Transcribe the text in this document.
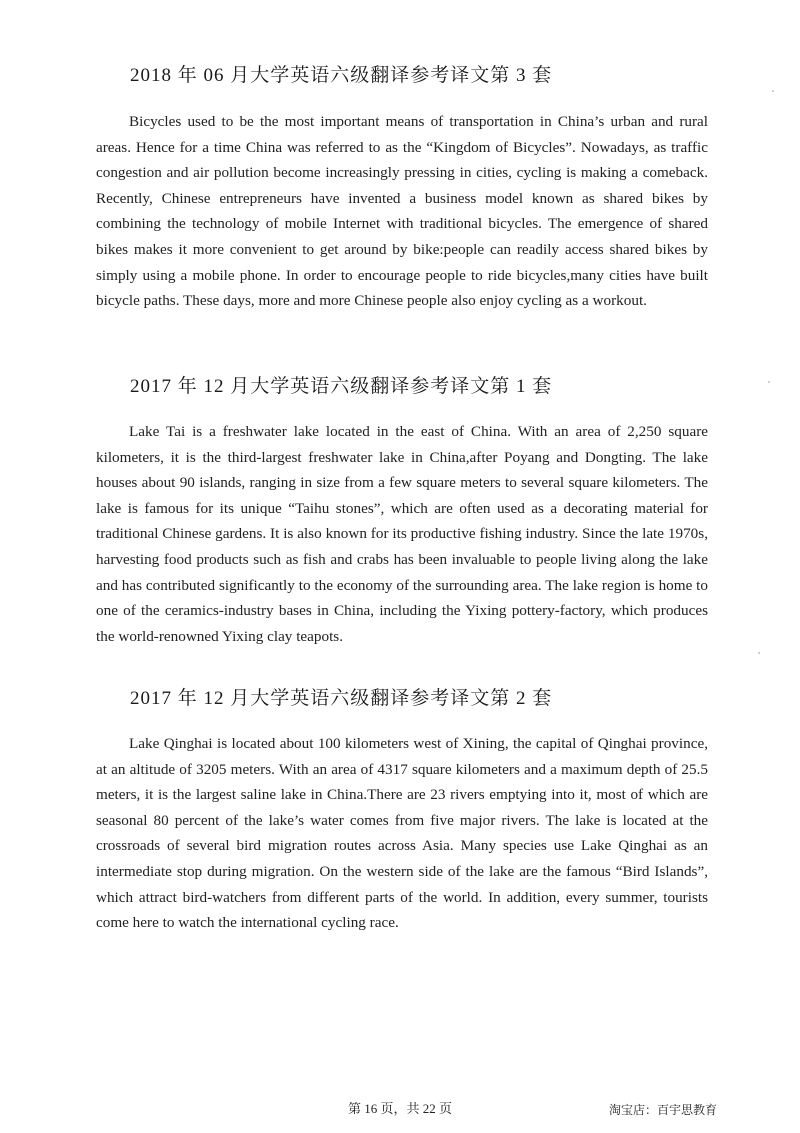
2018 年 06 月大学英语六级翻译参考译文第 3 套

Bicycles used to be the most important means of transportation in China’s urban and rural areas. Hence for a time China was referred to as the “Kingdom of Bicycles”. Nowadays, as traffic congestion and air pollution become increasingly pressing in cities, cycling is making a comeback. Recently, Chinese entrepreneurs have invented a business model known as shared bikes by combining the technology of mobile Internet with traditional bicycles. The emergence of shared bikes makes it more convenient to get around by bike:people can readily access shared bikes by simply using a mobile phone. In order to encourage people to ride bicycles,many cities have built bicycle paths. These days, more and more Chinese people also enjoy cycling as a workout.

2017 年 12 月大学英语六级翻译参考译文第 1 套

Lake Tai is a freshwater lake located in the east of China. With an area of 2,250 square kilometers, it is the third-largest freshwater lake in China,after Poyang and Dongting. The lake houses about 90 islands, ranging in size from a few square meters to several square kilometers. The lake is famous for its unique “Taihu stones”, which are often used as a decorating material for traditional Chinese gardens. It is also known for its productive fishing industry. Since the late 1970s, harvesting food products such as fish and crabs has been invaluable to people living along the lake and has contributed significantly to the economy of the surrounding area. The lake region is home to one of the ceramics-industry bases in China, including the Yixing pottery-factory, which produces the world-renowned Yixing clay teapots.

2017 年 12 月大学英语六级翻译参考译文第 2 套

Lake Qinghai is located about 100 kilometers west of Xining, the capital of Qinghai province, at an altitude of 3205 meters. With an area of 4317 square kilometers and a maximum depth of 25.5 meters, it is the largest saline lake in China.There are 23 rivers emptying into it, most of which are seasonal 80 percent of the lake’s water comes from five major rivers. The lake is located at the crossroads of several bird migration routes across Asia. Many species use Lake Qinghai as an intermediate stop during migration. On the western side of the lake are the famous “Bird Islands”, which attract bird-watchers from different parts of the world. In addition, every summer, tourists come here to watch the international cycling race.

第 16 页，共 22 页	淘宝店：百宇思教育
